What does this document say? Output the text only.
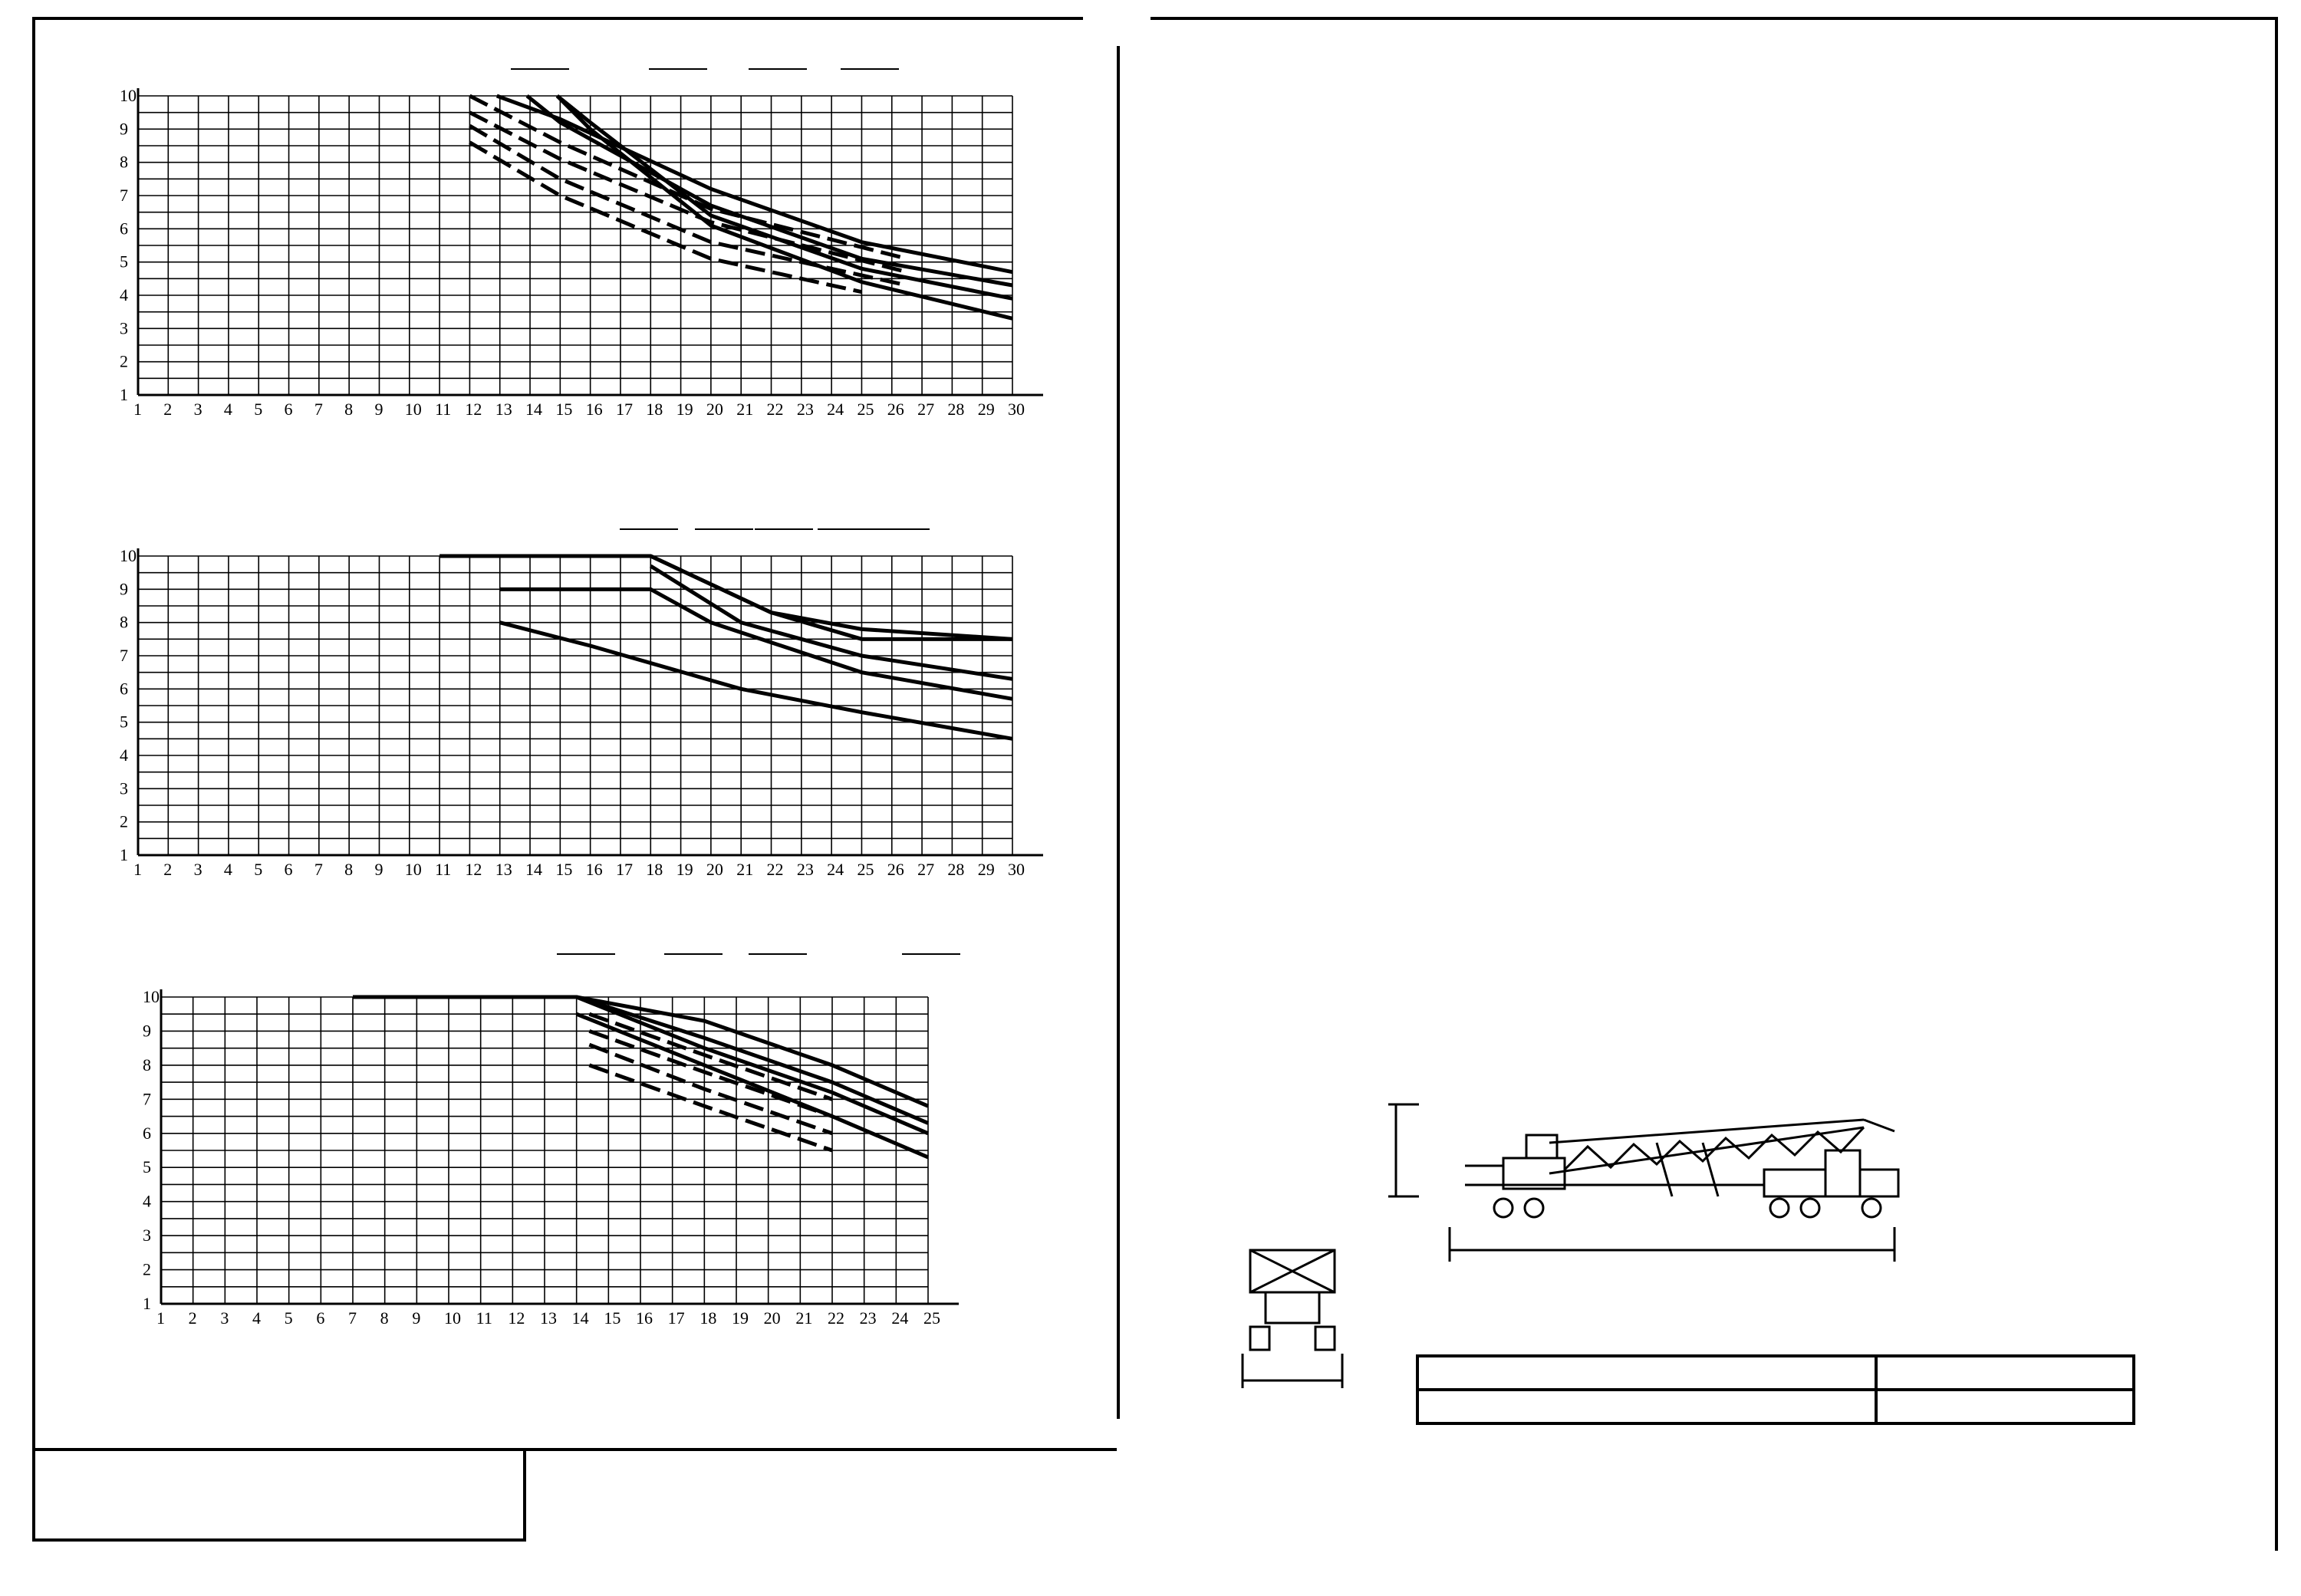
1 2 3 4 5 6 7 8 9 10 11 12 13 14 15 16 17 18 19 20 21 22 23 24 25 26 27 28 29 30
1
2
3
4
5
6
7
8
9
10
1 2 3 4 5 6 7 8 9 10 11 12 13 14 15 16 17 18 19 20 21 22 23 24 25 26 27 28 29 30
1
2
3
4
5
6
7
8
9
10
1 2 3 4 5 6 7 8 9 10 11 12 13 14 15 16 17 18 19 20 21 22 23 24 25
1
2
3
4
5
6
7
8
9
10
